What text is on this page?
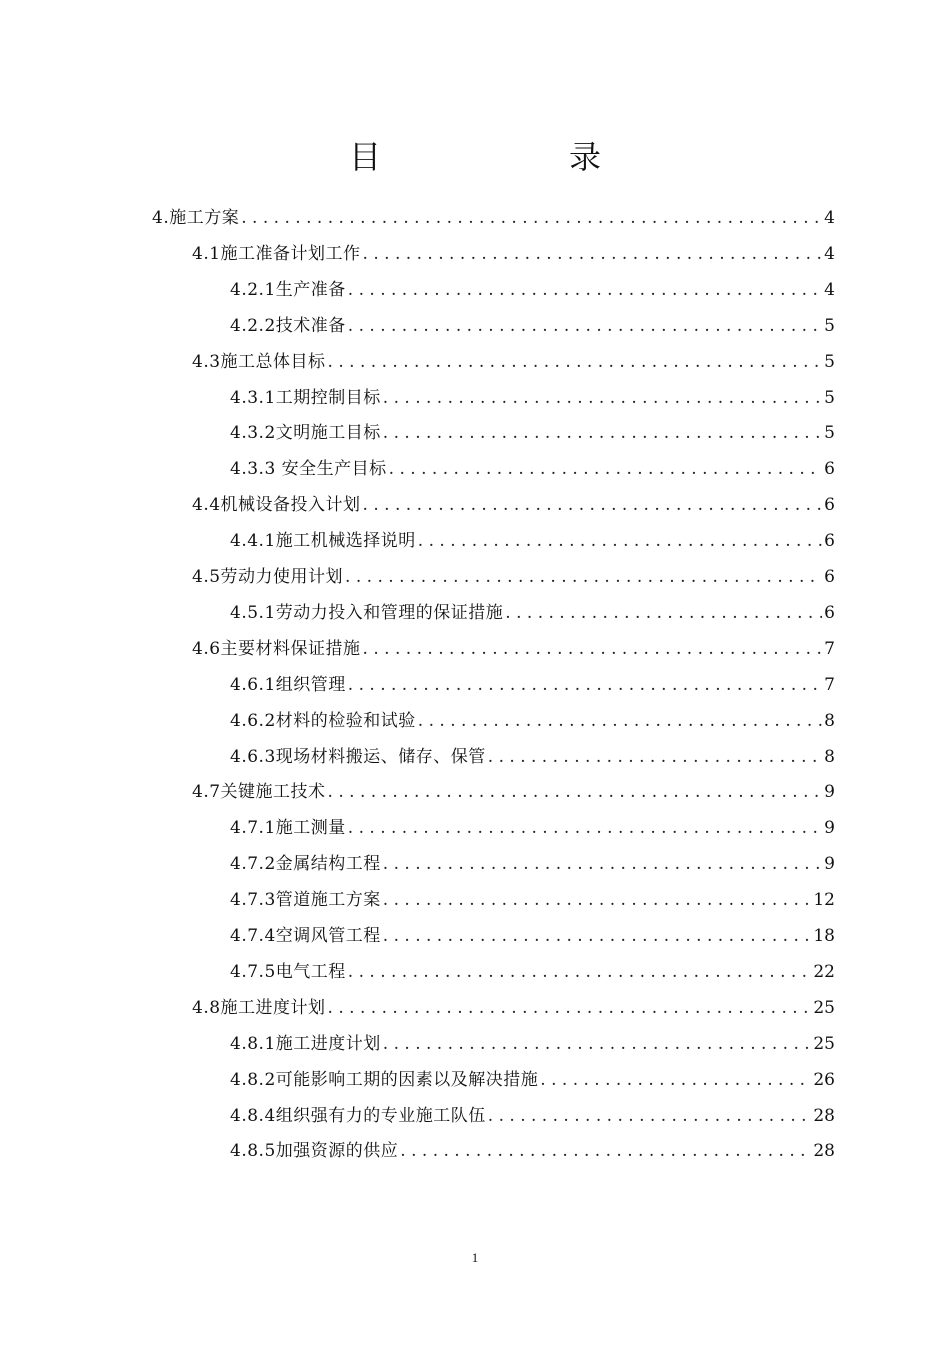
目　录
4.施工方案 . . .	4
4.1施工准备计划工作 . . .	4
4.2.1生产准备 . . .	4
4.2.2技术准备 . . .	5
4.3施工总体目标 . . .	5
4.3.1工期控制目标 . . .	5
4.3.2文明施工目标 . . .	5
4.3.3 安全生产目标 . . .	6
4.4机械设备投入计划 . . .	6
4.4.1施工机械选择说明 . . .	6
4.5劳动力使用计划 . . .	6
4.5.1劳动力投入和管理的保证措施 . . .	6
4.6主要材料保证措施 . . .	7
4.6.1组织管理 . . .	7
4.6.2材料的检验和试验 . . .	8
4.6.3现场材料搬运、储存、保管 . . .	8
4.7关键施工技术 . . .	9
4.7.1施工测量 . . .	9
4.7.2金属结构工程 . . .	9
4.7.3管道施工方案 . . .	12
4.7.4空调风管工程 . . .	18
4.7.5电气工程 . . .	22
4.8施工进度计划 . . .	25
4.8.1施工进度计划 . . .	25
4.8.2可能影响工期的因素以及解决措施 . . .	26
4.8.4组织强有力的专业施工队伍 . . .	28
4.8.5加强资源的供应 . . .	28
1
